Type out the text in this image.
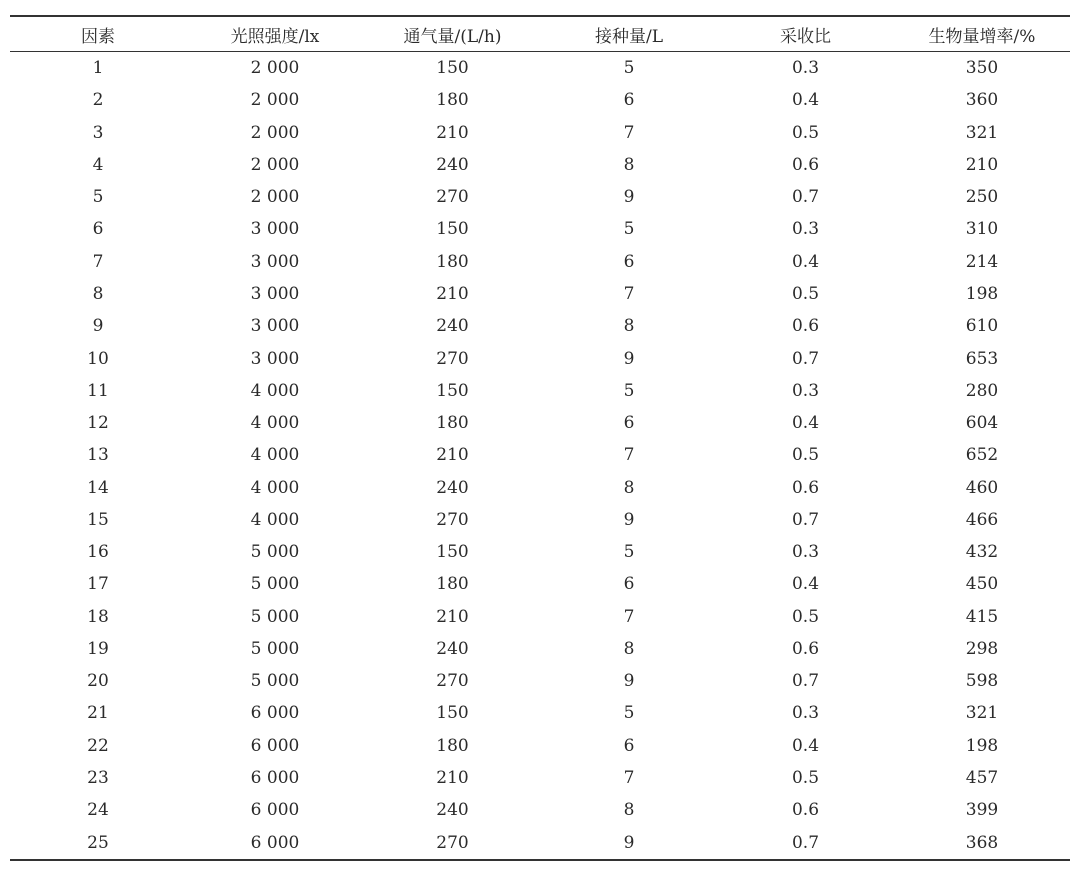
因素	光照强度/lx	通气量/(L/h)	接种量/L	采收比	生物量增率/%
1	2 000	150	5	0.3	350
2	2 000	180	6	0.4	360
3	2 000	210	7	0.5	321
4	2 000	240	8	0.6	210
5	2 000	270	9	0.7	250
6	3 000	150	5	0.3	310
7	3 000	180	6	0.4	214
8	3 000	210	7	0.5	198
9	3 000	240	8	0.6	610
10	3 000	270	9	0.7	653
11	4 000	150	5	0.3	280
12	4 000	180	6	0.4	604
13	4 000	210	7	0.5	652
14	4 000	240	8	0.6	460
15	4 000	270	9	0.7	466
16	5 000	150	5	0.3	432
17	5 000	180	6	0.4	450
18	5 000	210	7	0.5	415
19	5 000	240	8	0.6	298
20	5 000	270	9	0.7	598
21	6 000	150	5	0.3	321
22	6 000	180	6	0.4	198
23	6 000	210	7	0.5	457
24	6 000	240	8	0.6	399
25	6 000	270	9	0.7	368
